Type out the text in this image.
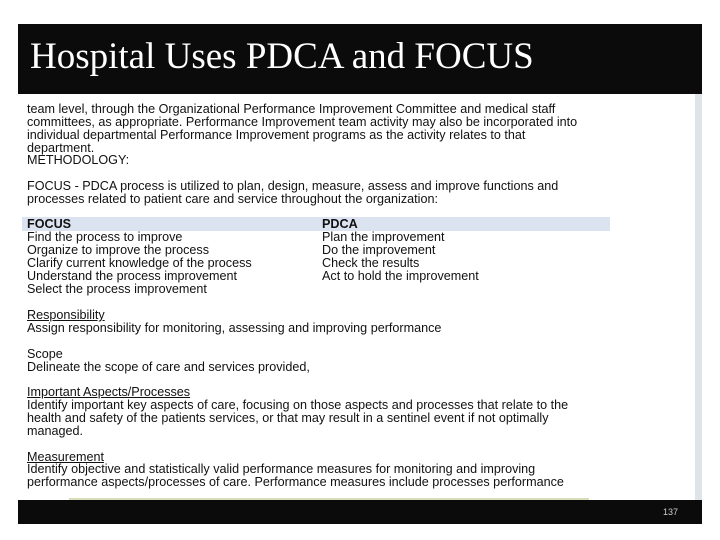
Hospital Uses PDCA and FOCUS
team level, through the Organizational Performance Improvement Committee and medical staff
committees, as appropriate. Performance Improvement team activity may also be incorporated into
individual departmental Performance Improvement programs as the activity relates to that
department.
METHODOLOGY:
FOCUS - PDCA process is utilized to plan, design, measure, assess and improve functions and
processes related to patient care and service throughout the organization:
FOCUS	PDCA
Find the process to improve
Organize to improve the process
Clarify current knowledge of the process
Understand the process improvement
Select the process improvement
Plan the improvement
Do the improvement
Check the results
Act to hold the improvement
Responsibility
Assign responsibility for monitoring, assessing and improving performance
Scope
Delineate the scope of care and services provided,
Important Aspects/Processes
Identify important key aspects of care, focusing on those aspects and processes that relate to the
health and safety of the patients services, or that may result in a sentinel event if not optimally
managed.
Measurement
Identify objective and statistically valid performance measures for monitoring and improving
performance aspects/processes of care. Performance measures include processes performance
137
